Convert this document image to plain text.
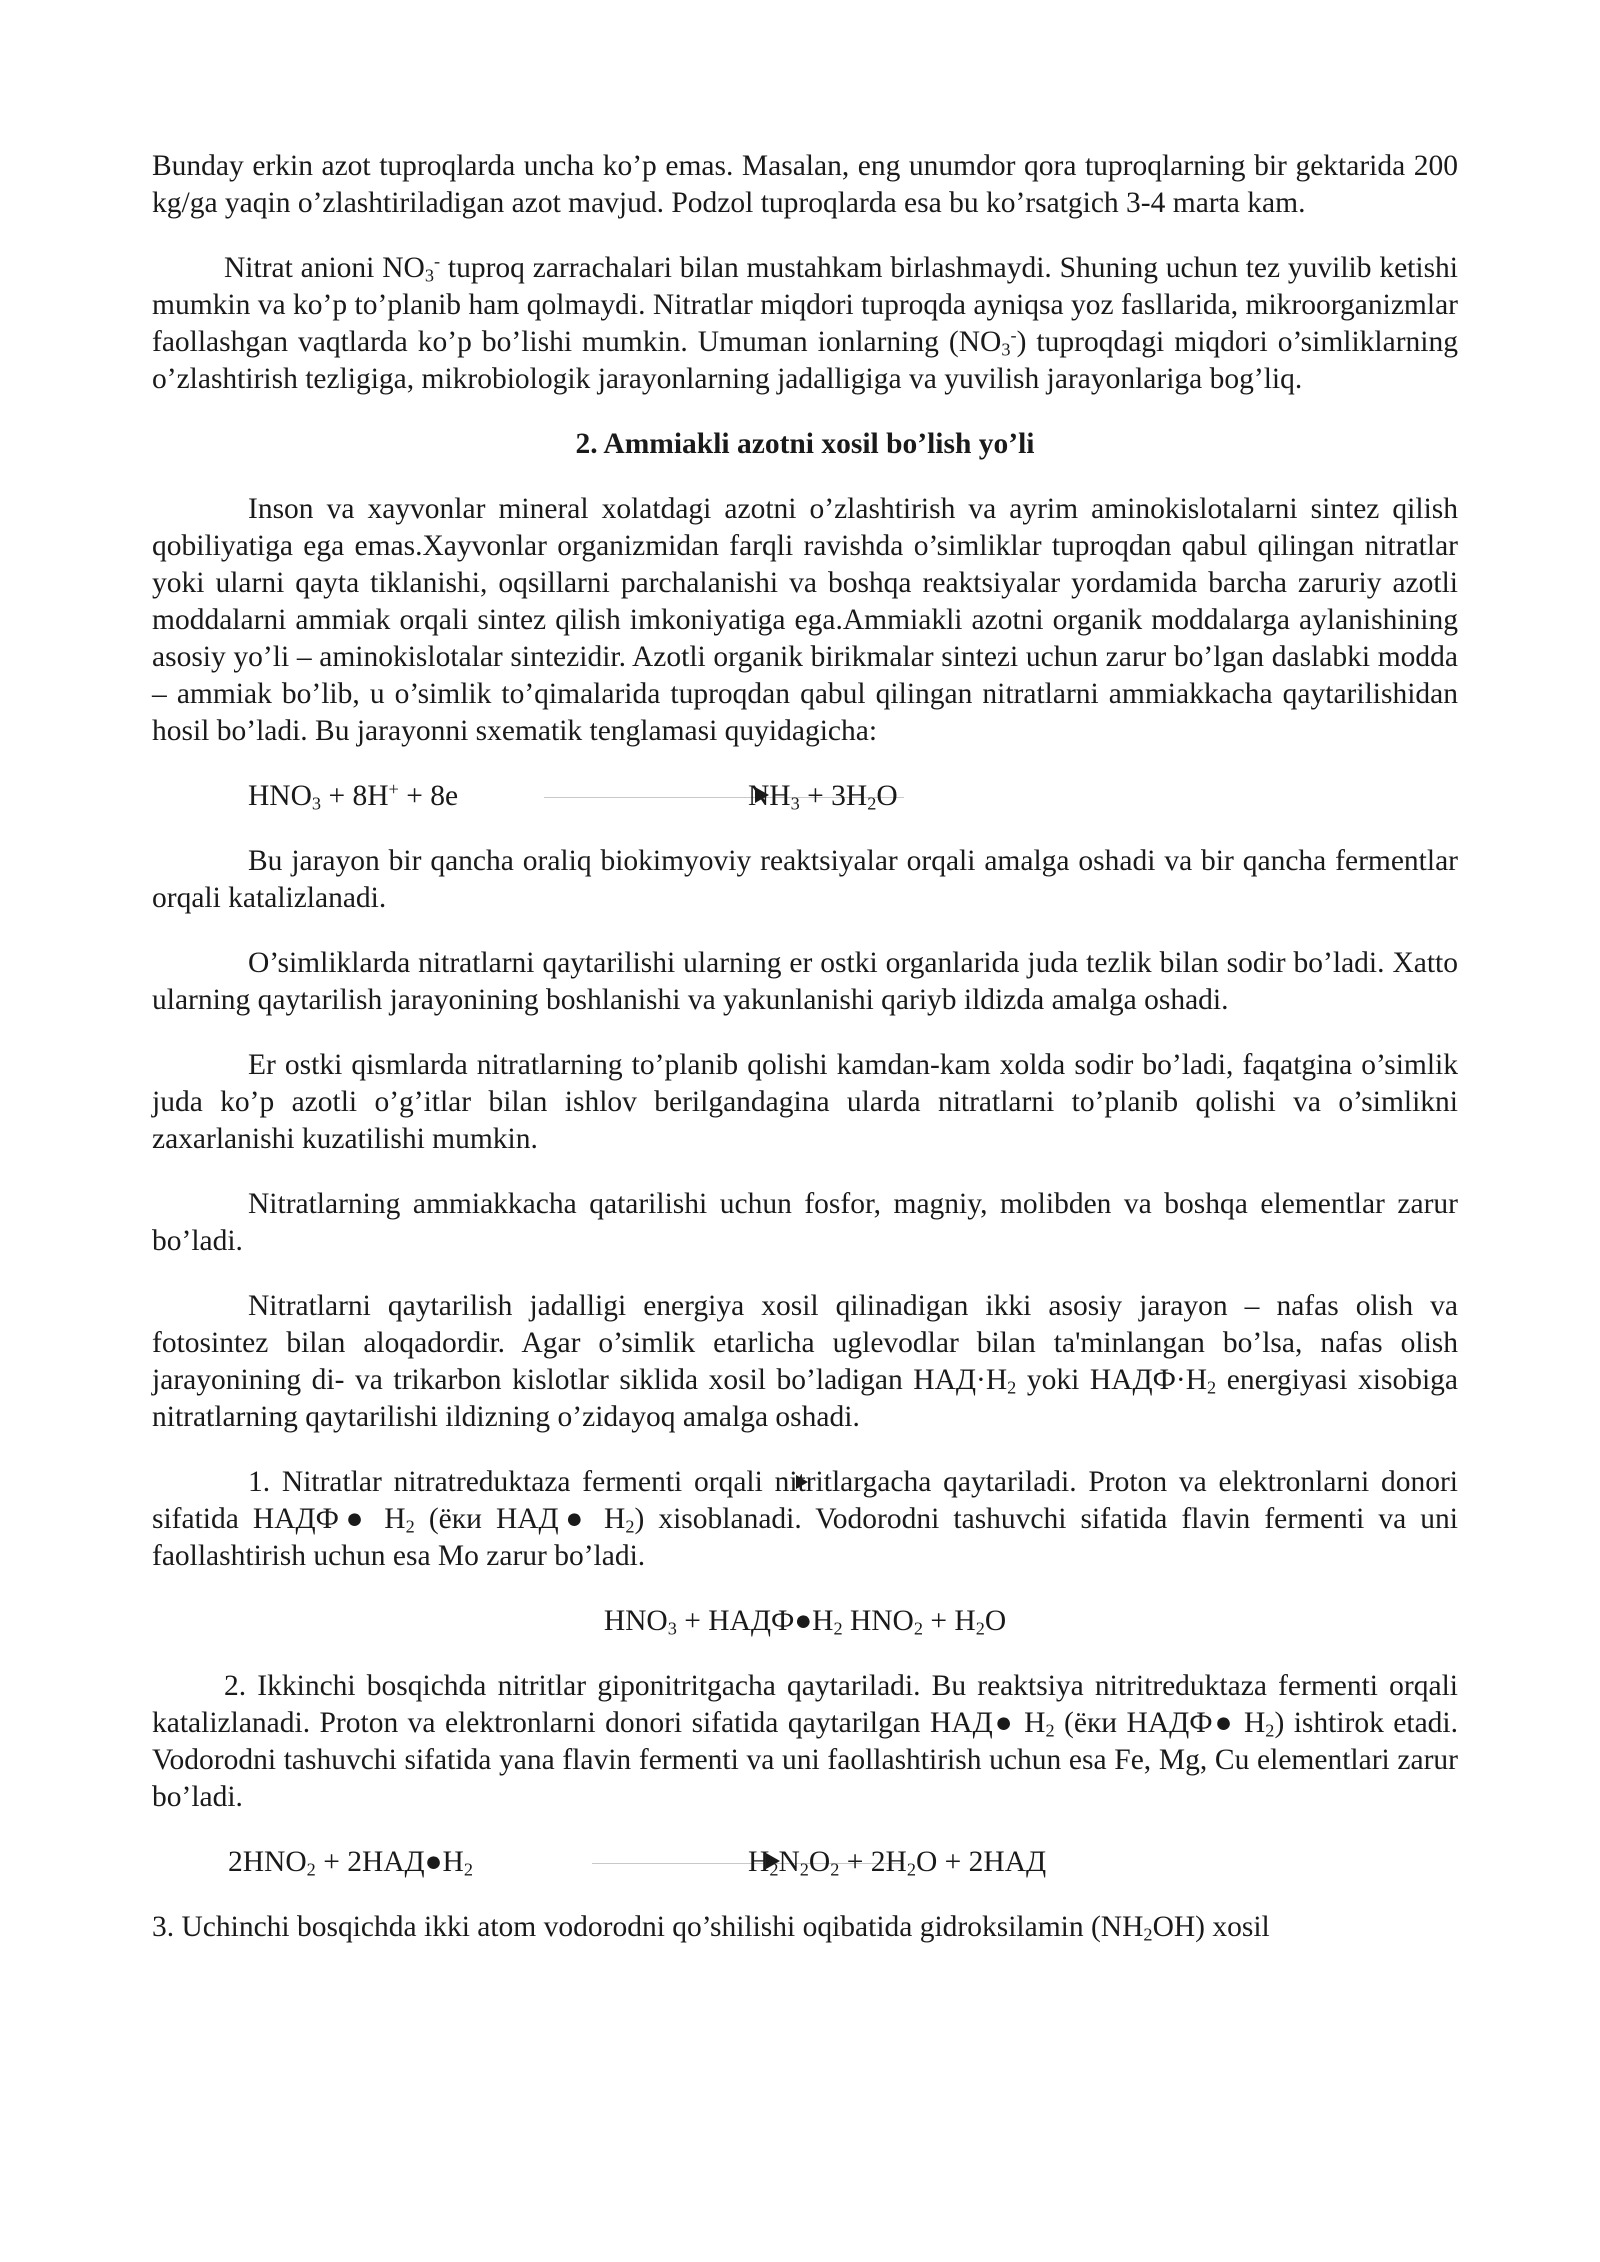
Bunday erkin azot tuproqlarda uncha ko’p emas. Masalan, eng unumdor qora tuproqlarning bir gektarida 200 kg/ga yaqin o’zlashtiriladigan azot mavjud. Podzol tuproqlarda esa bu ko’rsatgich 3-4 marta kam.

Nitrat anioni $NO_3^-$ tuproq zarrachalari bilan mustahkam birlashmaydi. Shuning uchun tez yuvilib ketishi mumkin va ko’p to’planib ham qolmaydi. Nitratlar miqdori tuproqda ayniqsa yoz fasllarida, mikroorganizmlar faollashgan vaqtlarda ko’p bo’lishi mumkin. Umuman ionlarning $(NO_3^-)$ tuproqdagi miqdori o’simliklarning o’zlashtirish tezligiga, mikrobiologik jarayonlarning jadalligiga va yuvilish jarayonlariga bog’liq.

2. Ammiakli azotni xosil bo’lish yo’li

Inson va xayvonlar mineral xolatdagi azotni o’zlashtirish va ayrim aminokislotalarni sintez qilish qobiliyatiga ega emas.Xayvonlar organizmidan farqli ravishda o’simliklar tuproqdan qabul qilingan nitratlar yoki ularni qayta tiklanishi, oqsillarni parchalanishi va boshqa reaktsiyalar yordamida barcha zaruriy azotli moddalarni ammiak orqali sintez qilish imkoniyatiga ega.Ammiakli azotni organik moddalarga aylanishining asosiy yo’li – aminokislotalar sintezidir. Azotli organik birikmalar sintezi uchun zarur bo’lgan daslabki modda – ammiak bo’lib, u o’simlik to’qimalarida tuproqdan qabul qilingan nitratlarni ammiakkacha qaytarilishidan hosil bo’ladi. Bu jarayonni sxematik tenglamasi quyidagicha:

$HNO_3 + 8H^+ + 8e$	$NH_3 + 3H_2O$

Bu jarayon bir qancha oraliq biokimyoviy reaktsiyalar orqali amalga oshadi va bir qancha fermentlar orqali katalizlanadi.

O’simliklarda nitratlarni qaytarilishi ularning er ostki organlarida juda tezlik bilan sodir bo’ladi. Xatto ularning qaytarilish jarayonining boshlanishi va yakunlanishi qariyb ildizda amalga oshadi.

Er ostki qismlarda nitratlarning to’planib qolishi kamdan-kam xolda sodir bo’ladi, faqatgina o’simlik juda ko’p azotli o’g’itlar bilan ishlov berilgandagina ularda nitratlarni to’planib qolishi va o’simlikni zaxarlanishi kuzatilishi mumkin.

Nitratlarning ammiakkacha qatarilishi uchun fosfor, magniy, molibden va boshqa elementlar zarur bo’ladi.

Nitratlarni qaytarilish jadalligi energiya xosil qilinadigan ikki asosiy jarayon – nafas olish va fotosintez bilan aloqadordir. Agar o’simlik etarlicha uglevodlar bilan ta'minlangan bo’lsa, nafas olish jarayonining di- va trikarbon kislotlar siklida xosil bo’ladigan $НАД\cdot H_2$ yoki $НАДФ\cdot H_2$ energiyasi xisobiga nitratlarning qaytarilishi ildizning o’zidayoq amalga oshadi.

1. Nitratlar nitratreduktaza fermenti orqali nitritlargacha qaytariladi. Proton va elektronlarni donori sifatida НАДФ● $H_2$ (ёки НАД● $H_2$) xisoblanadi. Vodorodni tashuvchi sifatida flavin fermenti va uni faollashtirish uchun esa Mo zarur bo’ladi.

$HNO_3$ + $НАДФ●H_2$ $HNO_2 + H_2O$

2. Ikkinchi bosqichda nitritlar giponitritgacha qaytariladi. Bu reaktsiya nitritreduktaza fermenti orqali katalizlanadi. Proton va elektronlarni donori sifatida qaytarilgan НАД● $H_2$ (ёки НАДФ● $H_2$) ishtirok etadi. Vodorodni tashuvchi sifatida yana flavin fermenti va uni faollashtirish uchun esa Fe, Mg, Cu elementlari zarur bo’ladi.

$2HNO_2$ + $2НАД●H_2$	$H_2N_2O_2 + 2H_2O + 2НАД$

3. Uchinchi bosqichda ikki atom vodorodni qo’shilishi oqibatida gidroksilamin $(NH_2OH)$ xosil
